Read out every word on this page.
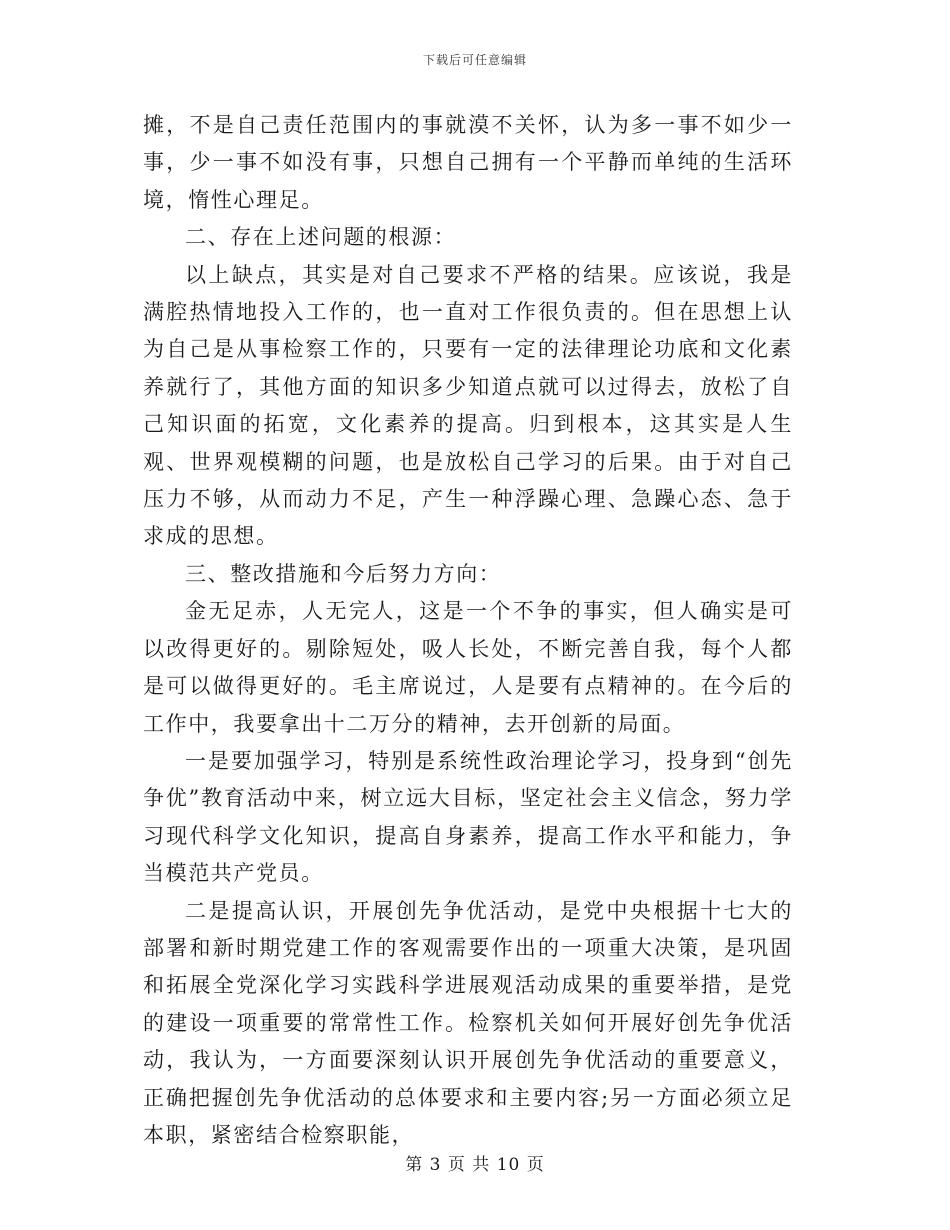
下载后可任意编辑

摊，不是自己责任范围内的事就漠不关怀，认为多一事不如少一事，少一事不如没有事，只想自己拥有一个平静而单纯的生活环境，惰性心理足。

二、存在上述问题的根源：

以上缺点，其实是对自己要求不严格的结果。应该说，我是满腔热情地投入工作的，也一直对工作很负责的。但在思想上认为自己是从事检察工作的，只要有一定的法律理论功底和文化素养就行了，其他方面的知识多少知道点就可以过得去，放松了自己知识面的拓宽，文化素养的提高。归到根本，这其实是人生观、世界观模糊的问题，也是放松自己学习的后果。由于对自己压力不够，从而动力不足，产生一种浮躁心理、急躁心态、急于求成的思想。

三、整改措施和今后努力方向：

金无足赤，人无完人，这是一个不争的事实，但人确实是可以改得更好的。剔除短处，吸人长处，不断完善自我，每个人都是可以做得更好的。毛主席说过，人是要有点精神的。在今后的工作中，我要拿出十二万分的精神，去开创新的局面。

一是要加强学习，特别是系统性政治理论学习，投身到“创先争优”教育活动中来，树立远大目标，坚定社会主义信念，努力学习现代科学文化知识，提高自身素养，提高工作水平和能力，争当模范共产党员。

二是提高认识，开展创先争优活动，是党中央根据十七大的部署和新时期党建工作的客观需要作出的一项重大决策，是巩固和拓展全党深化学习实践科学进展观活动成果的重要举措，是党的建设一项重要的常常性工作。检察机关如何开展好创先争优活动，我认为，一方面要深刻认识开展创先争优活动的重要意义，正确把握创先争优活动的总体要求和主要内容;另一方面必须立足本职，紧密结合检察职能，

第 3 页 共 10 页
